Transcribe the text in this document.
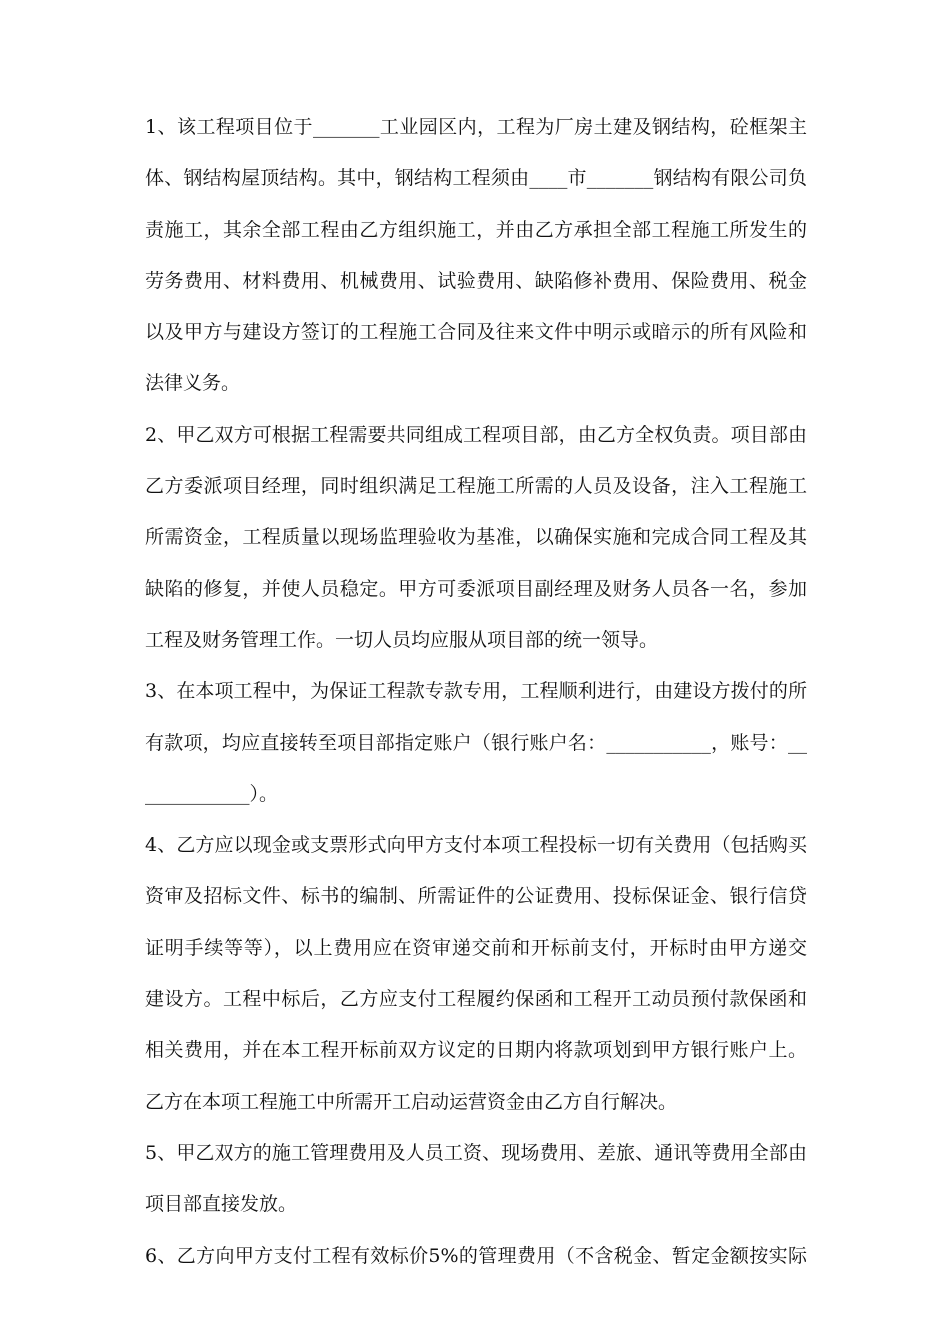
1、该工程项目位于_______工业园区内，工程为厂房土建及钢结构，砼框架主
体、钢结构屋顶结构。其中，钢结构工程须由____市_______钢结构有限公司负
责施工，其余全部工程由乙方组织施工，并由乙方承担全部工程施工所发生的
劳务费用、材料费用、机械费用、试验费用、缺陷修补费用、保险费用、税金
以及甲方与建设方签订的工程施工合同及往来文件中明示或暗示的所有风险和
法律义务。
2、甲乙双方可根据工程需要共同组成工程项目部，由乙方全权负责。项目部由
乙方委派项目经理，同时组织满足工程施工所需的人员及设备，注入工程施工
所需资金，工程质量以现场监理验收为基准，以确保实施和完成合同工程及其
缺陷的修复，并使人员稳定。甲方可委派项目副经理及财务人员各一名，参加
工程及财务管理工作。一切人员均应服从项目部的统一领导。
3、在本项工程中，为保证工程款专款专用，工程顺利进行，由建设方拨付的所
有款项，均应直接转至项目部指定账户（银行账户名：___________，账号：__
___________）。
4、乙方应以现金或支票形式向甲方支付本项工程投标一切有关费用（包括购买
资审及招标文件、标书的编制、所需证件的公证费用、投标保证金、银行信贷
证明手续等等），以上费用应在资审递交前和开标前支付，开标时由甲方递交
建设方。工程中标后，乙方应支付工程履约保函和工程开工动员预付款保函和
相关费用，并在本工程开标前双方议定的日期内将款项划到甲方银行账户上。
乙方在本项工程施工中所需开工启动运营资金由乙方自行解决。
5、甲乙双方的施工管理费用及人员工资、现场费用、差旅、通讯等费用全部由
项目部直接发放。
6、乙方向甲方支付工程有效标价5%的管理费用（不含税金、暂定金额按实际
